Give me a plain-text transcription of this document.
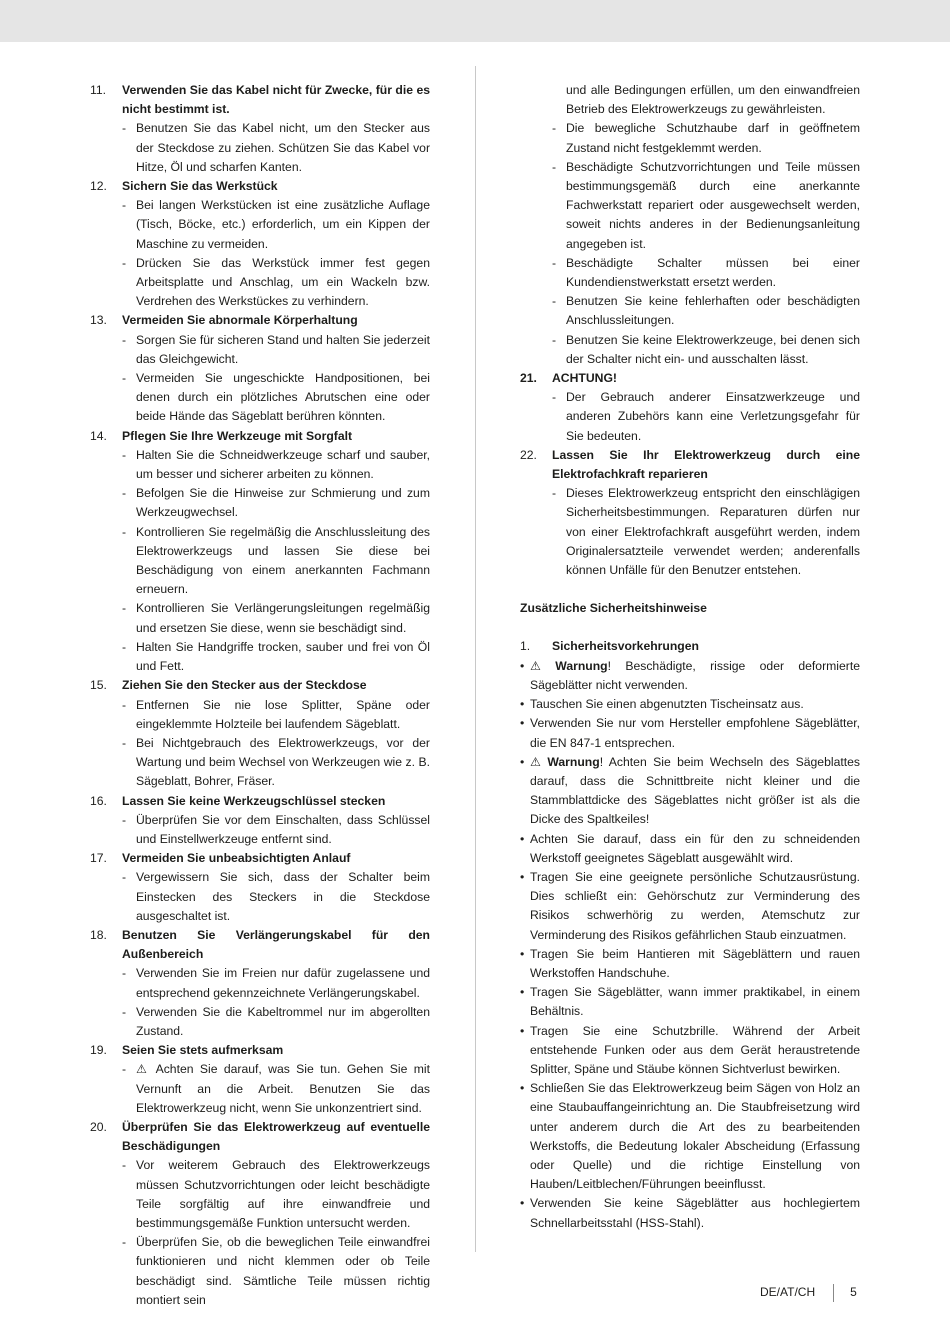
11.	Verwenden Sie das Kabel nicht für Zwecke, für die es nicht bestimmt ist.
- Benutzen Sie das Kabel nicht, um den Stecker aus der Steckdose zu ziehen. Schützen Sie das Kabel vor Hitze, Öl und scharfen Kanten.
12.	Sichern Sie das Werkstück
- Bei langen Werkstücken ist eine zusätzliche Auflage (Tisch, Böcke, etc.) erforderlich, um ein Kippen der Maschine zu vermeiden.
- Drücken Sie das Werkstück immer fest gegen Arbeitsplatte und Anschlag, um ein Wackeln bzw. Verdrehen des Werkstückes zu verhindern.
13.	Vermeiden Sie abnormale Körperhaltung
- Sorgen Sie für sicheren Stand und halten Sie jederzeit das Gleichgewicht.
- Vermeiden Sie ungeschickte Handpositionen, bei denen durch ein plötzliches Abrutschen eine oder beide Hände das Sägeblatt berühren könnten.
14.	Pflegen Sie Ihre Werkzeuge mit Sorgfalt
- Halten Sie die Schneidwerkzeuge scharf und sauber, um besser und sicherer arbeiten zu können.
- Befolgen Sie die Hinweise zur Schmierung und zum Werkzeugwechsel.
- Kontrollieren Sie regelmäßig die Anschlussleitung des Elektrowerkzeugs und lassen Sie diese bei Beschädigung von einem anerkannten Fachmann erneuern.
- Kontrollieren Sie Verlängerungsleitungen regelmäßig und ersetzen Sie diese, wenn sie beschädigt sind.
- Halten Sie Handgriffe trocken, sauber und frei von Öl und Fett.
15.	Ziehen Sie den Stecker aus der Steckdose
- Entfernen Sie nie lose Splitter, Späne oder eingeklemmte Holzteile bei laufendem Sägeblatt.
- Bei Nichtgebrauch des Elektrowerkzeugs, vor der Wartung und beim Wechsel von Werkzeugen wie z. B. Sägeblatt, Bohrer, Fräser.
16.	Lassen Sie keine Werkzeugschlüssel stecken
- Überprüfen Sie vor dem Einschalten, dass Schlüssel und Einstellwerkzeuge entfernt sind.
17.	Vermeiden Sie unbeabsichtigten Anlauf
- Vergewissern Sie sich, dass der Schalter beim Einstecken des Steckers in die Steckdose ausgeschaltet ist.
18.	Benutzen Sie Verlängerungskabel für den Außenbereich
- Verwenden Sie im Freien nur dafür zugelassene und entsprechend gekennzeichnete Verlängerungskabel.
- Verwenden Sie die Kabeltrommel nur im abgerollten Zustand.
19.	Seien Sie stets aufmerksam
- ⚠ Achten Sie darauf, was Sie tun. Gehen Sie mit Vernunft an die Arbeit. Benutzen Sie das Elektrowerkzeug nicht, wenn Sie unkonzentriert sind.
20.	Überprüfen Sie das Elektrowerkzeug auf eventuelle Beschädigungen
- Vor weiterem Gebrauch des Elektrowerkzeugs müssen Schutzvorrichtungen oder leicht beschädigte Teile sorgfältig auf ihre einwandfreie und bestimmungsgemäße Funktion untersucht werden.
- Überprüfen Sie, ob die beweglichen Teile einwandfrei funktionieren und nicht klemmen oder ob Teile beschädigt sind. Sämtliche Teile müssen richtig montiert sein
und alle Bedingungen erfüllen, um den einwandfreien Betrieb des Elektrowerkzeugs zu gewährleisten.
- Die bewegliche Schutzhaube darf in geöffnetem Zustand nicht festgeklemmt werden.
- Beschädigte Schutzvorrichtungen und Teile müssen bestimmungsgemäß durch eine anerkannte Fachwerkstatt repariert oder ausgewechselt werden, soweit nichts anderes in der Bedienungsanleitung angegeben ist.
- Beschädigte Schalter müssen bei einer Kundendienstwerkstatt ersetzt werden.
- Benutzen Sie keine fehlerhaften oder beschädigten Anschlussleitungen.
- Benutzen Sie keine Elektrowerkzeuge, bei denen sich der Schalter nicht ein- und ausschalten lässt.
21.	ACHTUNG!
- Der Gebrauch anderer Einsatzwerkzeuge und anderen Zubehörs kann eine Verletzungsgefahr für Sie bedeuten.
22.	Lassen Sie Ihr Elektrowerkzeug durch eine Elektrofachkraft reparieren
- Dieses Elektrowerkzeug entspricht den einschlägigen Sicherheitsbestimmungen. Reparaturen dürfen nur von einer Elektrofachkraft ausgeführt werden, indem Originalersatzteile verwendet werden; anderenfalls können Unfälle für den Benutzer entstehen.
Zusätzliche Sicherheitshinweise
1.	Sicherheitsvorkehrungen
• ⚠ Warnung! Beschädigte, rissige oder deformierte Sägeblätter nicht verwenden.
• Tauschen Sie einen abgenutzten Tischeinsatz aus.
• Verwenden Sie nur vom Hersteller empfohlene Sägeblätter, die EN 847-1 entsprechen.
• ⚠ Warnung! Achten Sie beim Wechseln des Sägeblattes darauf, dass die Schnittbreite nicht kleiner und die Stammblattdicke des Sägeblattes nicht größer ist als die Dicke des Spaltkeiles!
• Achten Sie darauf, dass ein für den zu schneidenden Werkstoff geeignetes Sägeblatt ausgewählt wird.
• Tragen Sie eine geeignete persönliche Schutzausrüstung. Dies schließt ein: Gehörschutz zur Verminderung des Risikos schwerhörig zu werden, Atemschutz zur Verminderung des Risikos gefährlichen Staub einzuatmen.
• Tragen Sie beim Hantieren mit Sägeblättern und rauen Werkstoffen Handschuhe.
• Tragen Sie Sägeblätter, wann immer praktikabel, in einem Behältnis.
• Tragen Sie eine Schutzbrille. Während der Arbeit entstehende Funken oder aus dem Gerät heraustretende Splitter, Späne und Stäube können Sichtverlust bewirken.
• Schließen Sie das Elektrowerkzeug beim Sägen von Holz an eine Staubauffangeinrichtung an. Die Staubfreisetzung wird unter anderem durch die Art des zu bearbeitenden Werkstoffs, die Bedeutung lokaler Abscheidung (Erfassung oder Quelle) und die richtige Einstellung von Hauben/Leitblechen/Führungen beeinflusst.
• Verwenden Sie keine Sägeblätter aus hochlegiertem Schnellarbeitsstahl (HSS-Stahl).
DE/AT/CH	5
